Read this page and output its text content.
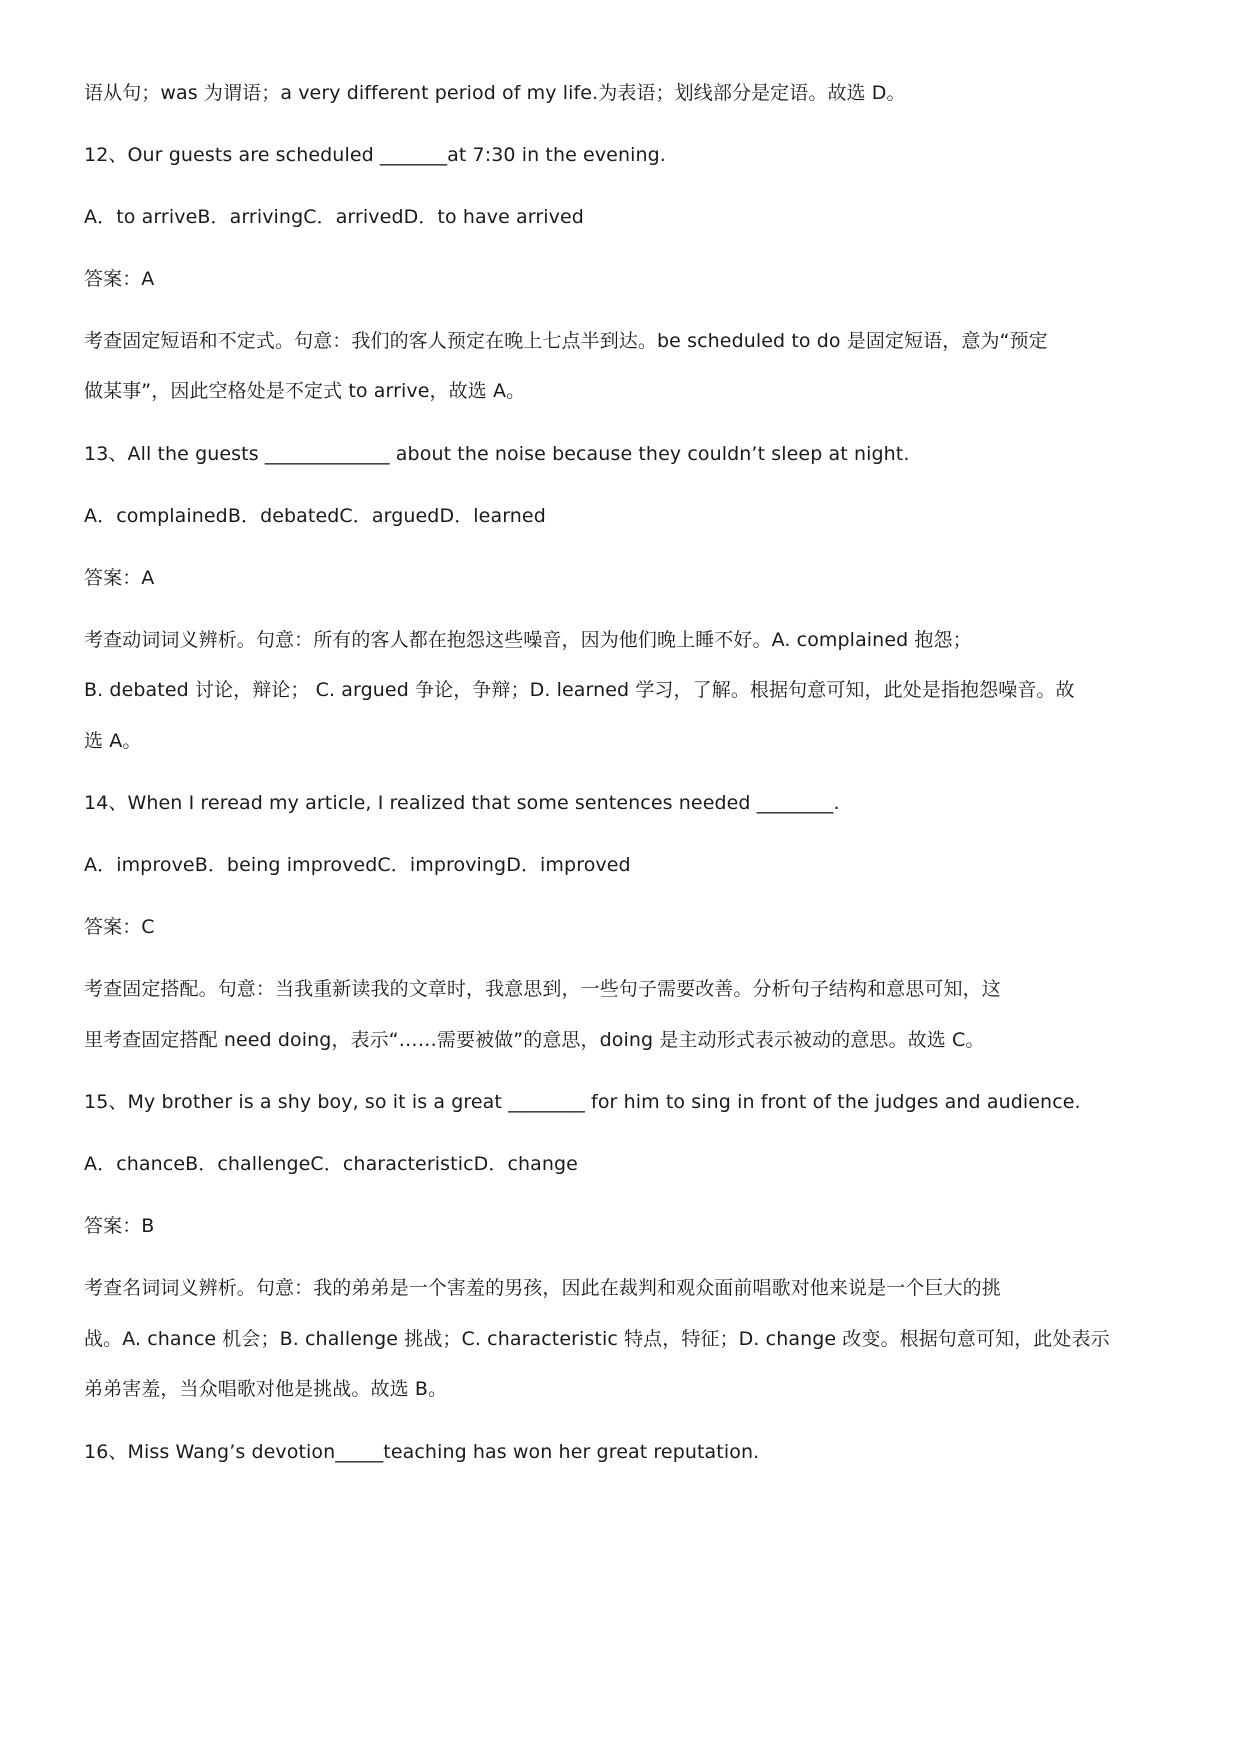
语从句；was 为谓语；a very different period of my life.为表语；划线部分是定语。故选 D。
12、Our guests are scheduled _______at 7:30 in the evening.
A．to arriveB．arrivingC．arrivedD．to have arrived
答案：A
考查固定短语和不定式。句意：我们的客人预定在晚上七点半到达。be scheduled to do 是固定短语，意为“预定
做某事”，因此空格处是不定式 to arrive，故选 A。
13、All the guests _____________ about the noise because they couldn’t sleep at night.
A．complainedB．debatedC．arguedD．learned
答案：A
考查动词词义辨析。句意：所有的客人都在抱怨这些噪音，因为他们晚上睡不好。A. complained 抱怨；
B. debated 讨论，辩论； C. argued 争论，争辩；D. learned 学习，了解。根据句意可知，此处是指抱怨噪音。故
选 A。
14、When I reread my article, I realized that some sentences needed ________.
A．improveB．being improvedC．improvingD．improved
答案：C
考查固定搭配。句意：当我重新读我的文章时，我意思到，一些句子需要改善。分析句子结构和意思可知，这
里考查固定搭配 need doing，表示“……需要被做”的意思，doing 是主动形式表示被动的意思。故选 C。
15、My brother is a shy boy, so it is a great ________ for him to sing in front of the judges and audience.
A．chanceB．challengeC．characteristicD．change
答案：B
考查名词词义辨析。句意：我的弟弟是一个害羞的男孩，因此在裁判和观众面前唱歌对他来说是一个巨大的挑
战。A. chance 机会；B. challenge 挑战；C. characteristic 特点，特征；D. change 改变。根据句意可知，此处表示
弟弟害羞，当众唱歌对他是挑战。故选 B。
16、Miss Wang’s devotion_____teaching has won her great reputation.
